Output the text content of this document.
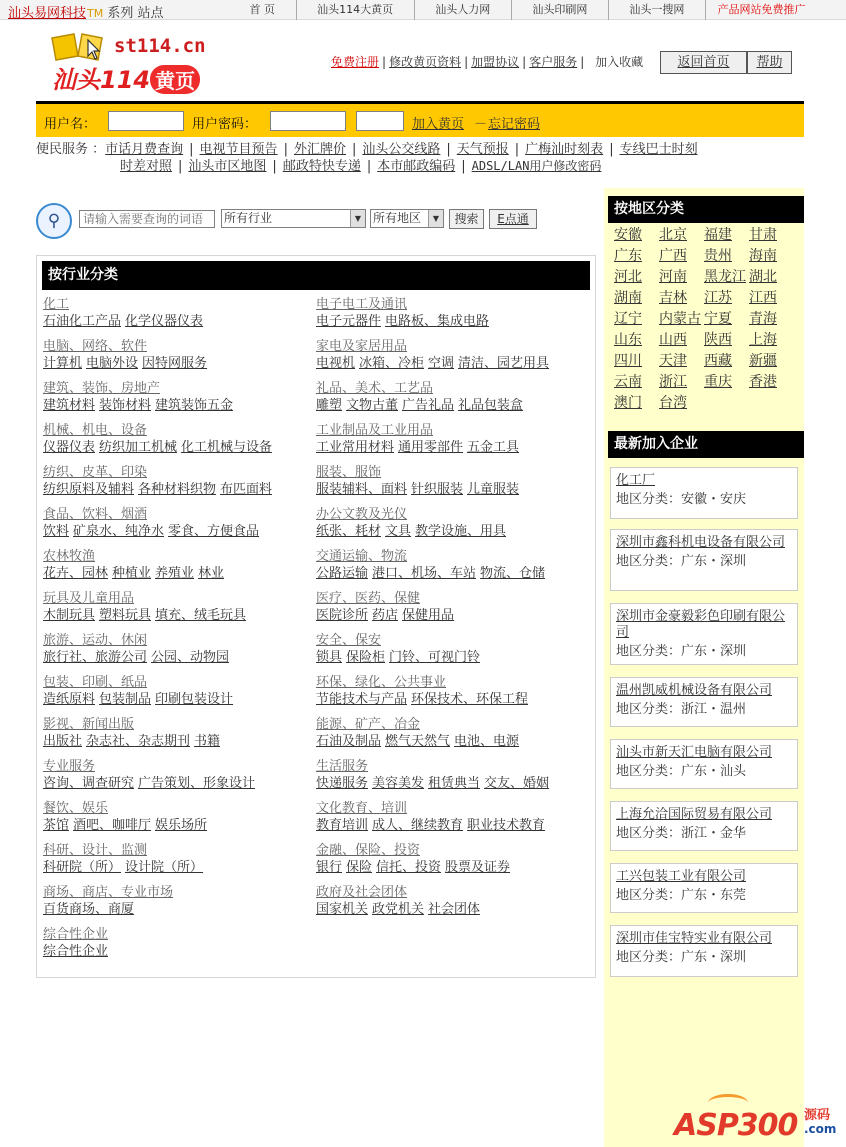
汕头易网科技TM 系列 站点	首 页	汕头114大黄页	汕头人力网	汕头印刷网	汕头一搜网	产品网站免费推广
st114.cn
汕头114 黄页
免费注册 | 修改黄页资料 | 加盟协议 | 客户服务 | 加入收藏	返回首页	帮助
用户名：	用户密码：	加入黄页 － 忘记密码
便民服务 ：市话月费查询 | 电视节目预告 | 外汇牌价 | 汕头公交线路 | 天气预报 | 广梅汕时刻表 | 专线巴士时刻
时差对照 | 汕头市区地图 | 邮政特快专递 | 本市邮政编码 | ADSL/LAN用户修改密码
⚲
请输入需要查询的词语	所有行业	▼ 所有地区	▼	搜索	E点通
按行业分类
化工
石油化工产品 化学仪器仪表
电脑、网络、软件
计算机 电脑外设 因特网服务
建筑、装饰、房地产
建筑材料 装饰材料 建筑装饰五金
机械、机电、设备
仪器仪表 纺织加工机械 化工机械与设备
纺织、皮革、印染
纺织原料及辅料 各种材料织物 布匹面料
食品、饮料、烟酒
饮料 矿泉水、纯净水 零食、方便食品
农林牧渔
花卉、园林 种植业 养殖业 林业
玩具及儿童用品
木制玩具 塑料玩具 填充、绒毛玩具
旅游、运动、休闲
旅行社、旅游公司 公园、动物园
包装、印刷、纸品
造纸原料 包装制品 印刷包装设计
影视、新闻出版
出版社 杂志社、杂志期刊 书籍
专业服务
咨询、调查研究 广告策划、形象设计
餐饮、娱乐
茶馆 酒吧、咖啡厅 娱乐场所
科研、设计、监测
科研院（所） 设计院（所）
商场、商店、专业市场
百货商场、商厦
综合性企业
综合性企业
电子电工及通讯
电子元器件 电路板、集成电路
家电及家居用品
电视机 冰箱、冷柜 空调 清洁、园艺用具
礼品、美术、工艺品
雕塑 文物古董 广告礼品 礼品包装盒
工业制品及工业用品
工业常用材料 通用零部件 五金工具
服装、服饰
服装辅料、面料 针织服装 儿童服装
办公文教及光仪
纸张、耗材 文具 教学设施、用具
交通运输、物流
公路运输 港口、机场、车站 物流、仓储
医疗、医药、保健
医院诊所 药店 保健用品
安全、保安
锁具 保险柜 门铃、可视门铃
环保、绿化、公共事业
节能技术与产品 环保技术、环保工程
能源、矿产、冶金
石油及制品 燃气天然气 电池、电源
生活服务
快递服务 美容美发 租赁典当 交友、婚姻
文化教育、培训
教育培训 成人、继续教育 职业技术教育
金融、保险、投资
银行 保险 信托、投资 股票及证券
政府及社会团体
国家机关 政党机关 社会团体
按地区分类
安徽	北京	福建	甘肃
广东	广西	贵州	海南
河北	河南	黑龙江 湖北
湖南	吉林	江苏	江西
辽宁	内蒙古 宁夏	青海
山东	山西	陕西	上海
四川	天津	西藏	新疆
云南	浙江	重庆	香港
澳门	台湾
最新加入企业
化工厂
地区分类：安徽・安庆
深圳市鑫科机电设备有限公司
地区分类：广东・深圳
深圳市金豪毅彩色印刷有限公司
地区分类：广东・深圳
温州凯威机械设备有限公司
地区分类：浙江・温州
汕头市新天汇电脑有限公司
地区分类：广东・汕头
上海允洽国际贸易有限公司
地区分类：浙江・金华
工兴包装工业有限公司
地区分类：广东・东莞
深圳市佳宝特实业有限公司
地区分类：广东・深圳
ASP300 源码
.com
